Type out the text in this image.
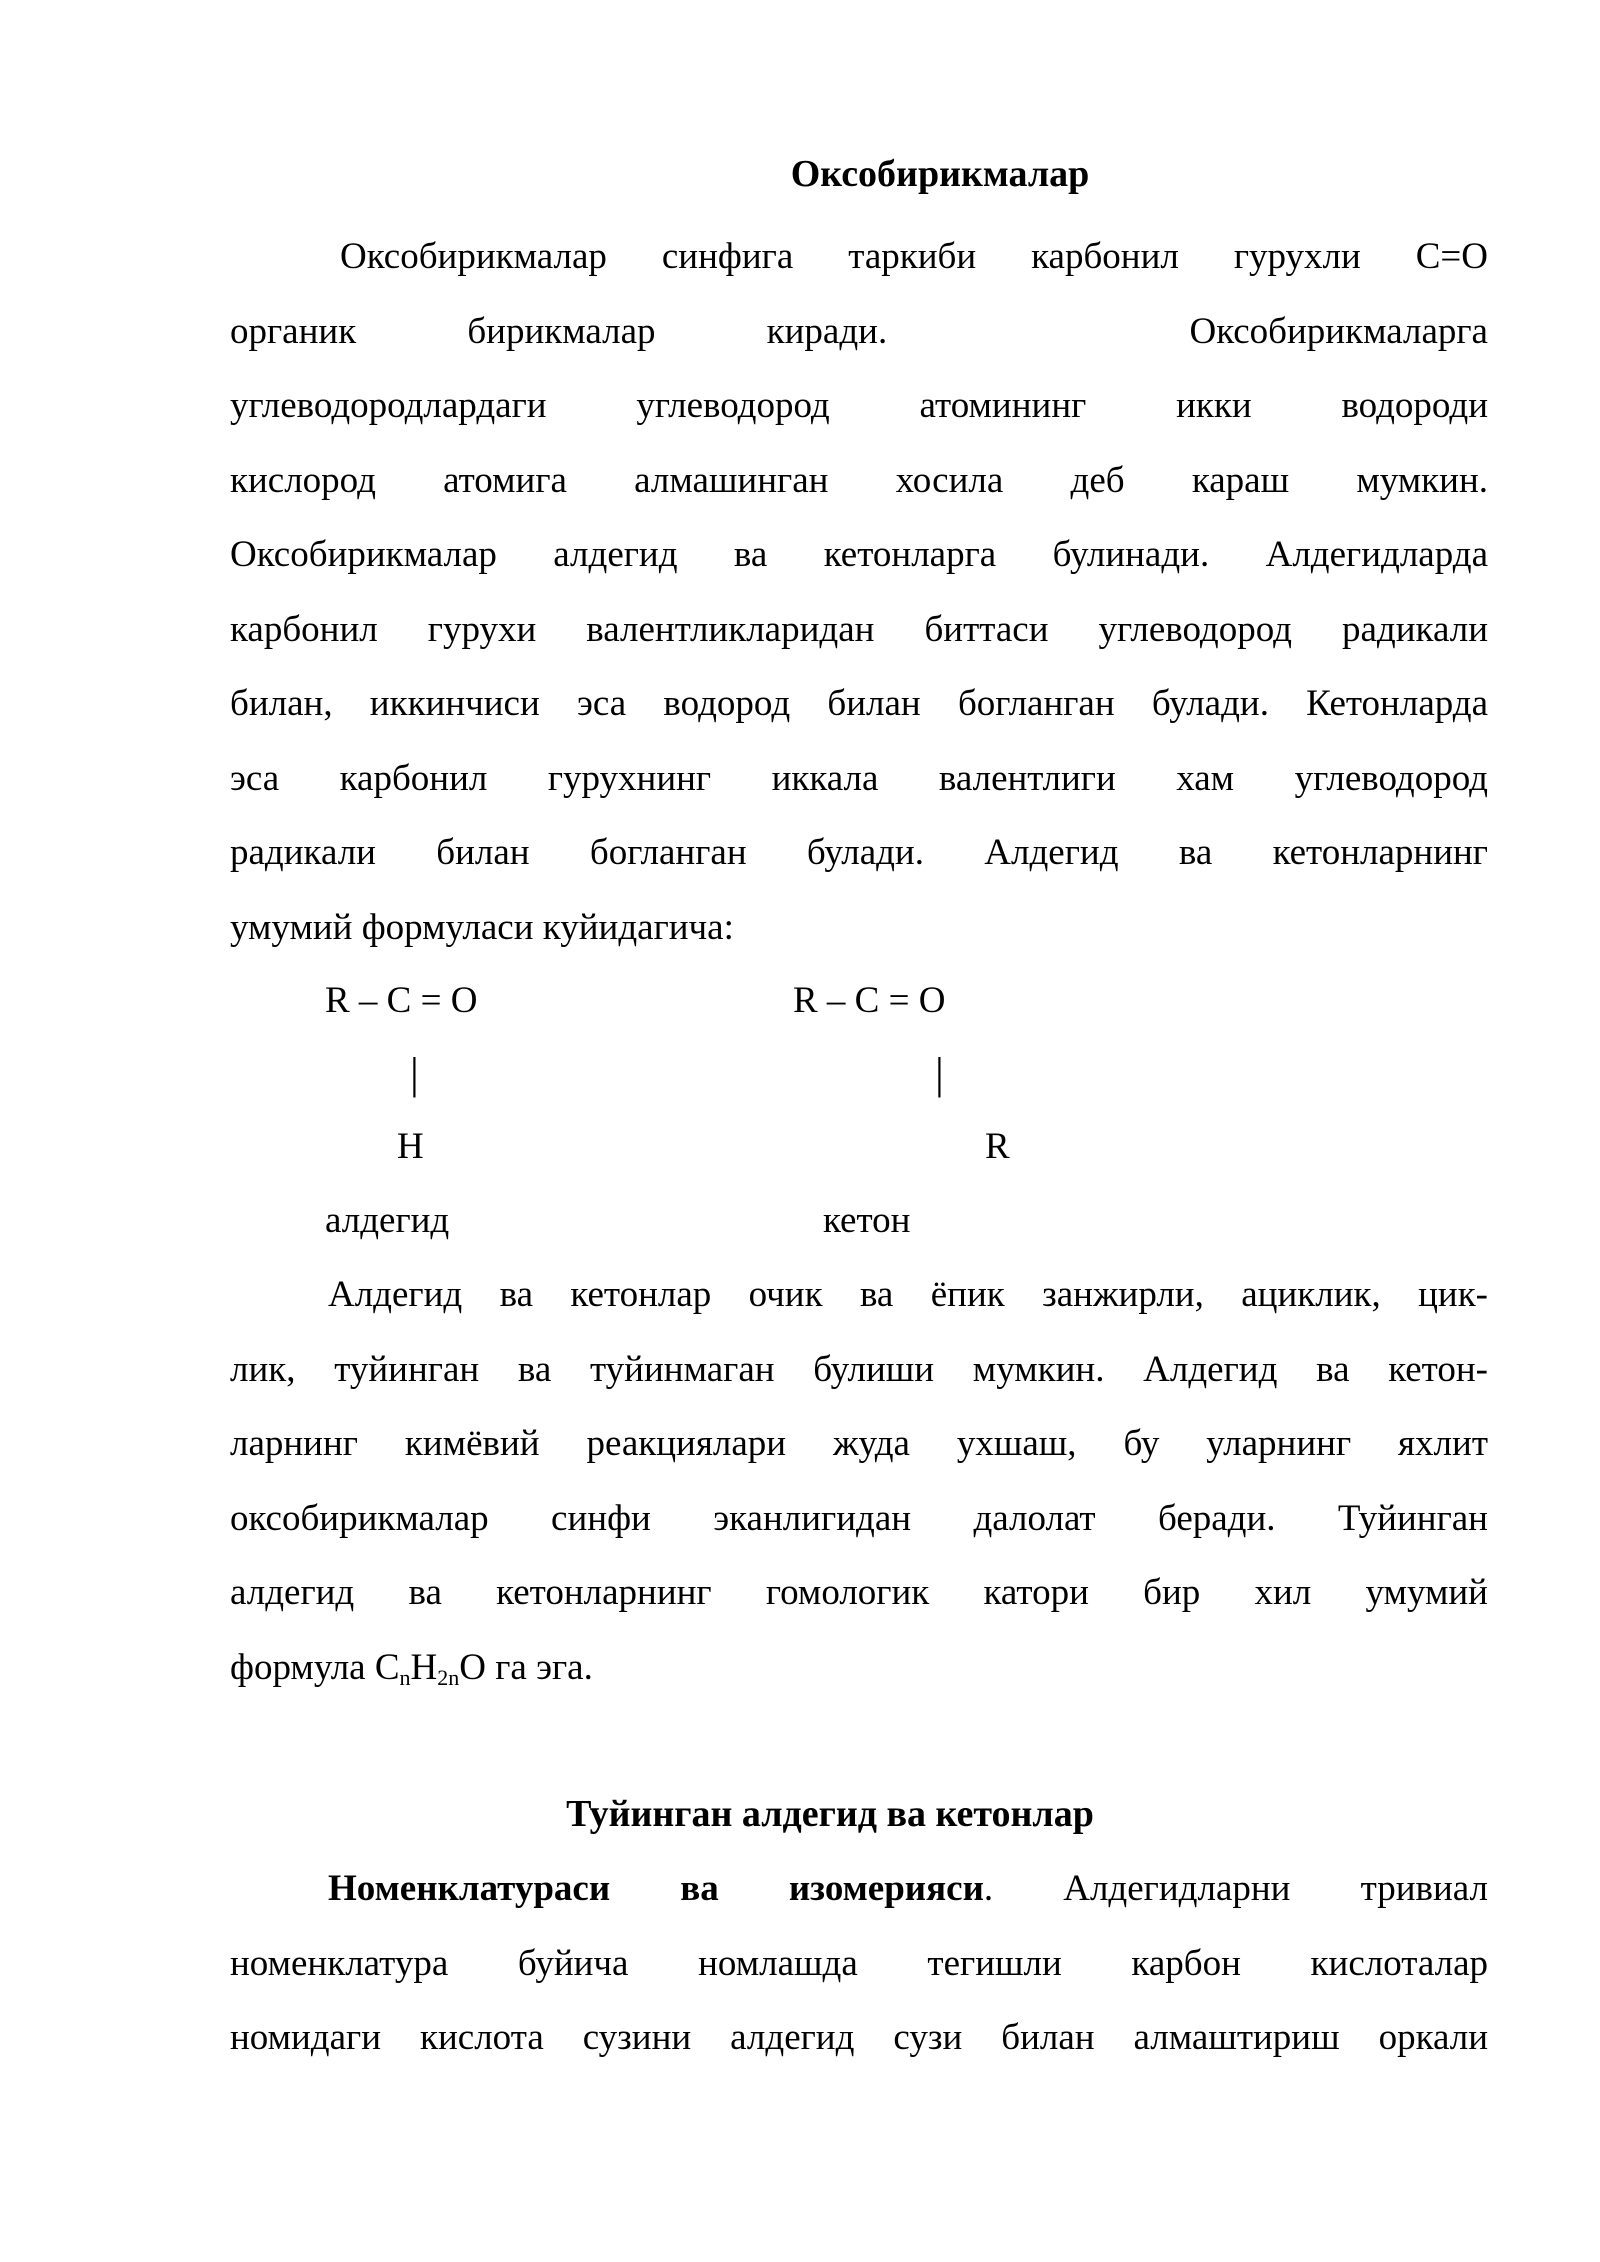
Оксобирикмалар
Оксобирикмалар синфига таркиби карбонил гурухли С=О
органик	бирикмалар	киради.	Оксобирикмаларга
углеводородлардаги углеводород атомининг икки водороди
кислород атомига алмашинган хосила деб караш мумкин.
Оксобирикмалар алдегид ва кетонларга булинади. Алдегидларда
карбонил гурухи валентликларидан биттаси углеводород радикали
билан, иккинчиси эса водород билан богланган булади. Кетонларда
эса карбонил гурухнинг иккала валентлиги хам углеводород
радикали билан богланган булади. Алдегид ва кетонларнинг
умумий формуласи куйидагича:
R – C = O
|
H
алдегид
R – C = O
|
R
кетон
Алдегид ва кетонлар очик ва ёпик занжирли, ациклик, цик-
лик, туйинган ва туйинмаган булиши мумкин. Алдегид ва кетон-
ларнинг кимёвий реакциялари жуда ухшаш, бу уларнинг яхлит
оксобирикмалар синфи эканлигидан далолат беради. Туйинган
алдегид ва кетонларнинг гомологик катори бир хил умумий
формула $C_nH_{2n}O$ га эга.
Туйинган алдегид ва кетонлар
Номенклатураси ва изомерияси. Алдегидларни тривиал
номенклатура буйича номлашда тегишли карбон кислоталар
номидаги кислота сузини алдегид сузи билан алмаштириш оркали
